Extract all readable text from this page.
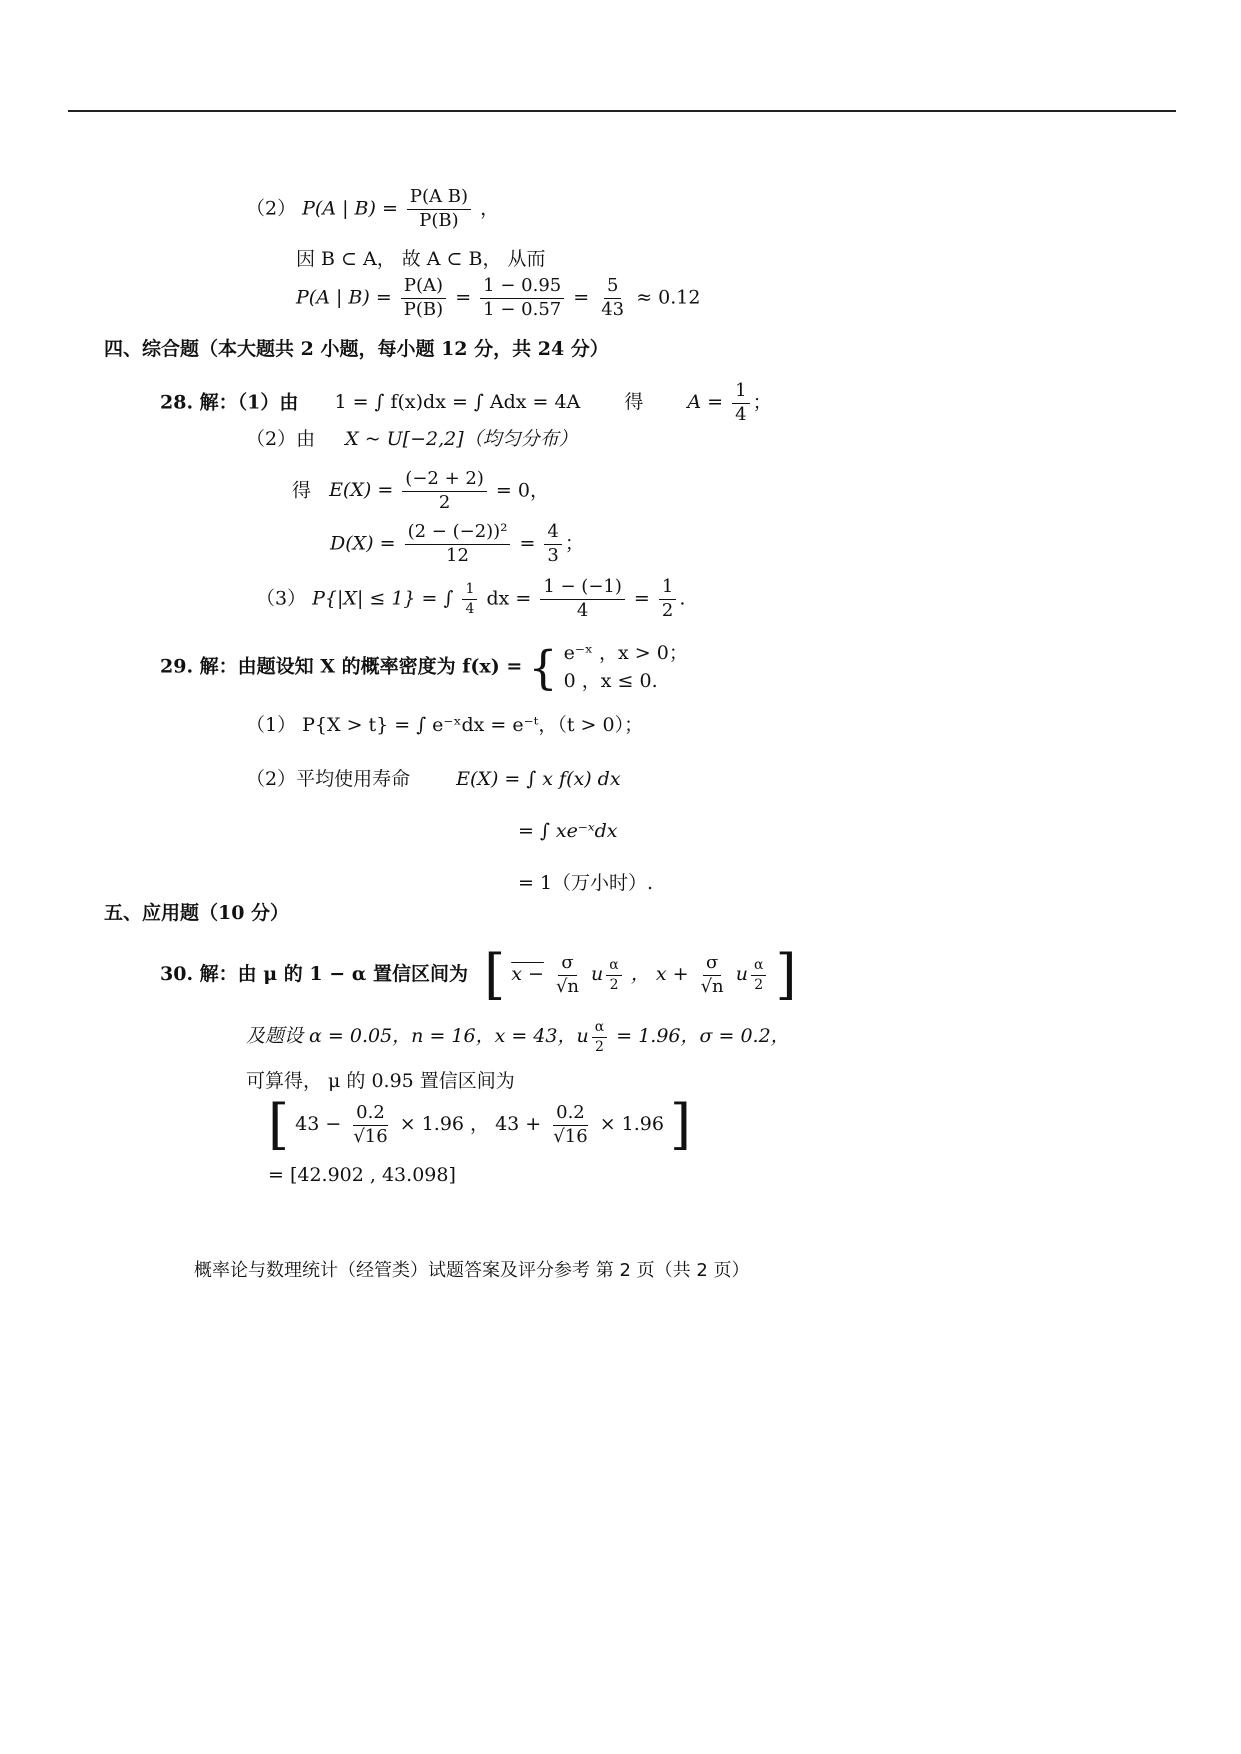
（2） P(A | $B) = \frac{\text{P(A B)}}{P(B)}$ ，
因 B ⊂ A， 故 A ⊂ B， 从而
P(A | $B) = \frac{P(A)}{P(B)} = \frac{1 - 0.95}{1 - 0.57} = \frac{5}{43} \approx 0.12$
四、综合题（本大题共 2 小题，每小题 12 分，共 24 分）
28. 解：（1）由 1 = ∫ f(x)dx = ∫ Adx = 4A 得 $A = \frac{1}{4}$ ；
（2）由 X ~ U[−2,2]（均匀分布）
得 $E(X) = \frac{(-2 + 2)}{2} = 0$，
$D(X) = \frac{\text{(2 − (−2))²}}{12} = \frac{4}{3}$ ；
（3） P{|X| ≤ 1} = ∫ $\frac{1}{4}$ dx = $\frac{1 - (-1)}{4} = \frac{1}{2}$ .
29. 解：由题设知 X 的概率密度为 f(x) = { e⁻ˣ ，x > 0；
0 ，x ≤ 0.
（1） P{X > t} = ∫ e⁻ˣdx = e⁻ᵗ，（t > 0）；
（2）平均使用寿命 E(X) = ∫ x f(x) dx
= ∫ xe⁻ˣdx
= 1（万小时）.
五、应用题（10 分）
30. 解：由 μ 的 1 − α 置信区间为 [ $x - \frac{\sigma}{√n}$ u $\frac{\alpha}{2}$ ， $x + \frac{\sigma}{√n}$ u $\frac{\alpha}{2}$ ]
及题设 α = 0.05，n = 16，x = 43，u $\frac{\alpha}{2} = 1.96$，σ = 0.2，
可算得， μ 的 0.95 置信区间为
[ $43 - \frac{0.2}{√16} \times 1.96$ ， $43 + \frac{0.2}{√16} \times 1.96$ ]
= [42.902 , 43.098]
概率论与数理统计（经管类）试题答案及评分参考 第 2 页（共 2 页）
